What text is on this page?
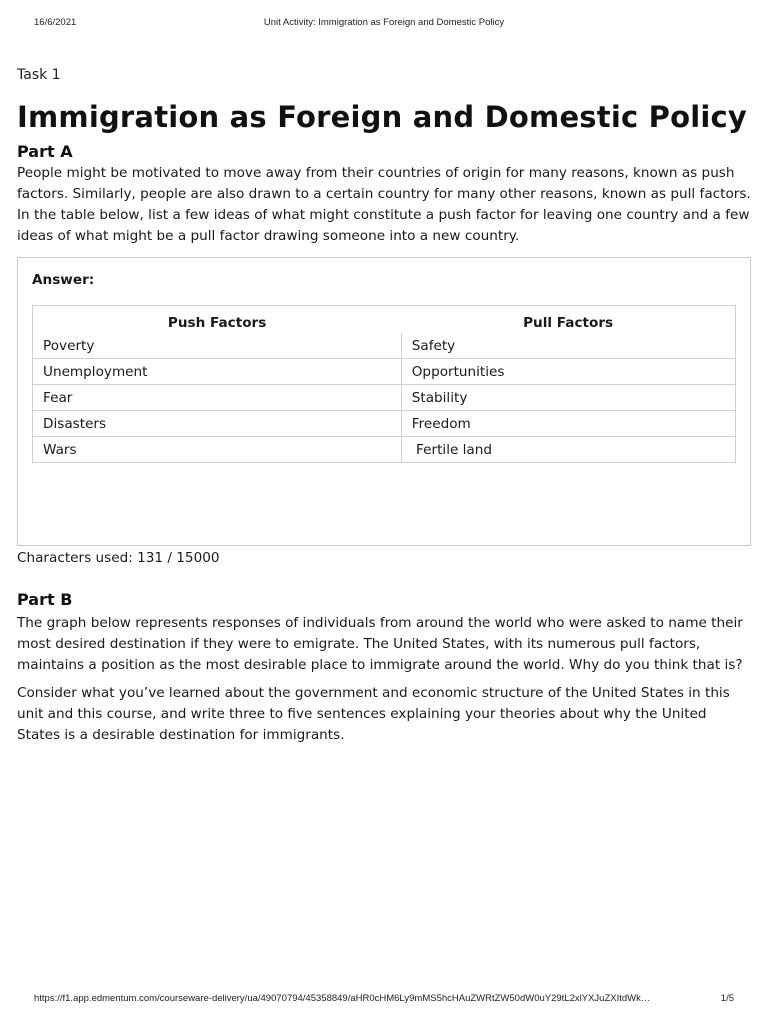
16/6/2021	Unit Activity: Immigration as Foreign and Domestic Policy
Task 1
Immigration as Foreign and Domestic Policy
Part A

People might be motivated to move away from their countries of origin for many reasons, known as push factors. Similarly, people are also drawn to a certain country for many other reasons, known as pull factors. In the table below, list a few ideas of what might constitute a push factor for leaving one country and a few ideas of what might be a pull factor drawing someone into a new country.

Answer:
Push Factors	Pull Factors
Poverty	Safety
Unemployment	Opportunities
Fear	Stability
Disasters	Freedom
Wars	Fertile land
Characters used: 131 / 15000
Part B

The graph below represents responses of individuals from around the world who were asked to name their most desired destination if they were to emigrate. The United States, with its numerous pull factors, maintains a position as the most desirable place to immigrate around the world. Why do you think that is?

Consider what you’ve learned about the government and economic structure of the United States in this unit and this course, and write three to five sentences explaining your theories about why the United States is a desirable destination for immigrants.

https://f1.app.edmentum.com/courseware-delivery/ua/49070794/45358849/aHR0cHM6Ly9mMS5hcHAuZWRtZW50dW0uY29tL2xlYXJuZXItdWk…	1/5
